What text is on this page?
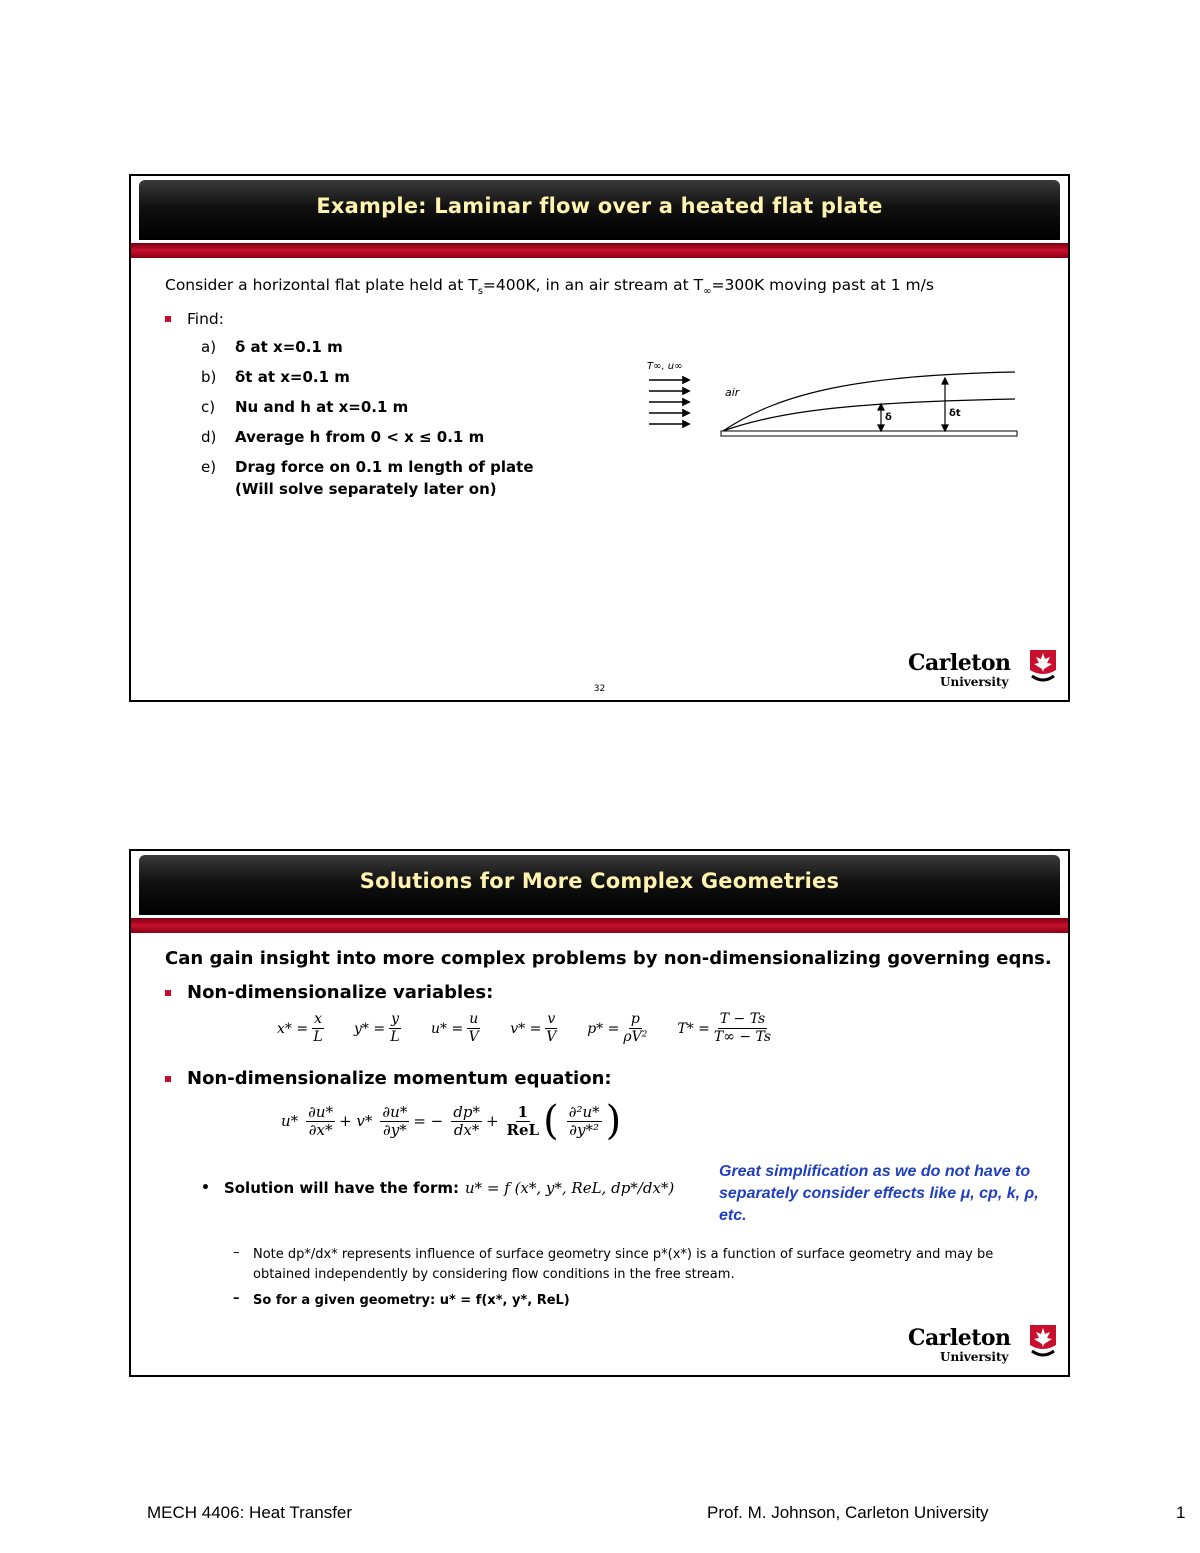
Example: Laminar flow over a heated flat plate
Consider a horizontal flat plate held at $T_s=400K$, in an air stream at $T_\infty=300K$ moving past at 1 m/s
Find:
a)	δ at x=0.1 m
b)	δt at x=0.1 m
c)	Nu and h at x=0.1 m
d)	Average h from 0 < x ≤ 0.1 m
e)	Drag force on 0.1 m length of plate
(Will solve separately later on)
T∞, u∞
air
δ	δt
Carleton
University
32
Solutions for More Complex Geometries
Can gain insight into more complex problems by non-dimensionalizing governing eqns.
Non-dimensionalize variables:
$x* = \frac{x}{L} y* = \frac{y}{L} u* = \frac{u}{V} v* = \frac{v}{V} p* = \frac{p}{\text{ρV²}} T* = \frac{T - Ts}{T\infty - Ts}$
Non-dimensionalize momentum equation:
$u* \frac{\partial u*}{\partial x*} + v* \frac{\partial u*}{\partial y*}$ = − $\frac{dp*}{dx*} + \frac{1}{\text{ReL}}$ ( $\frac{\text{∂²u*}}{\text{∂y*²}}$ )
• Solution will have the form: u* = f (x*, y*, ReL, dp*/dx*)
Great simplification as we do not have to separately consider effects like μ, cp, k, ρ, etc.
–	Note dp*/dx* represents influence of surface geometry since p*(x*) is a function of surface geometry and may be obtained independently by considering flow conditions in the free stream.
–	So for a given geometry: u* = f(x*, y*, ReL)
Carleton
University
MECH 4406: Heat Transfer	Prof. M. Johnson, Carleton University	1
